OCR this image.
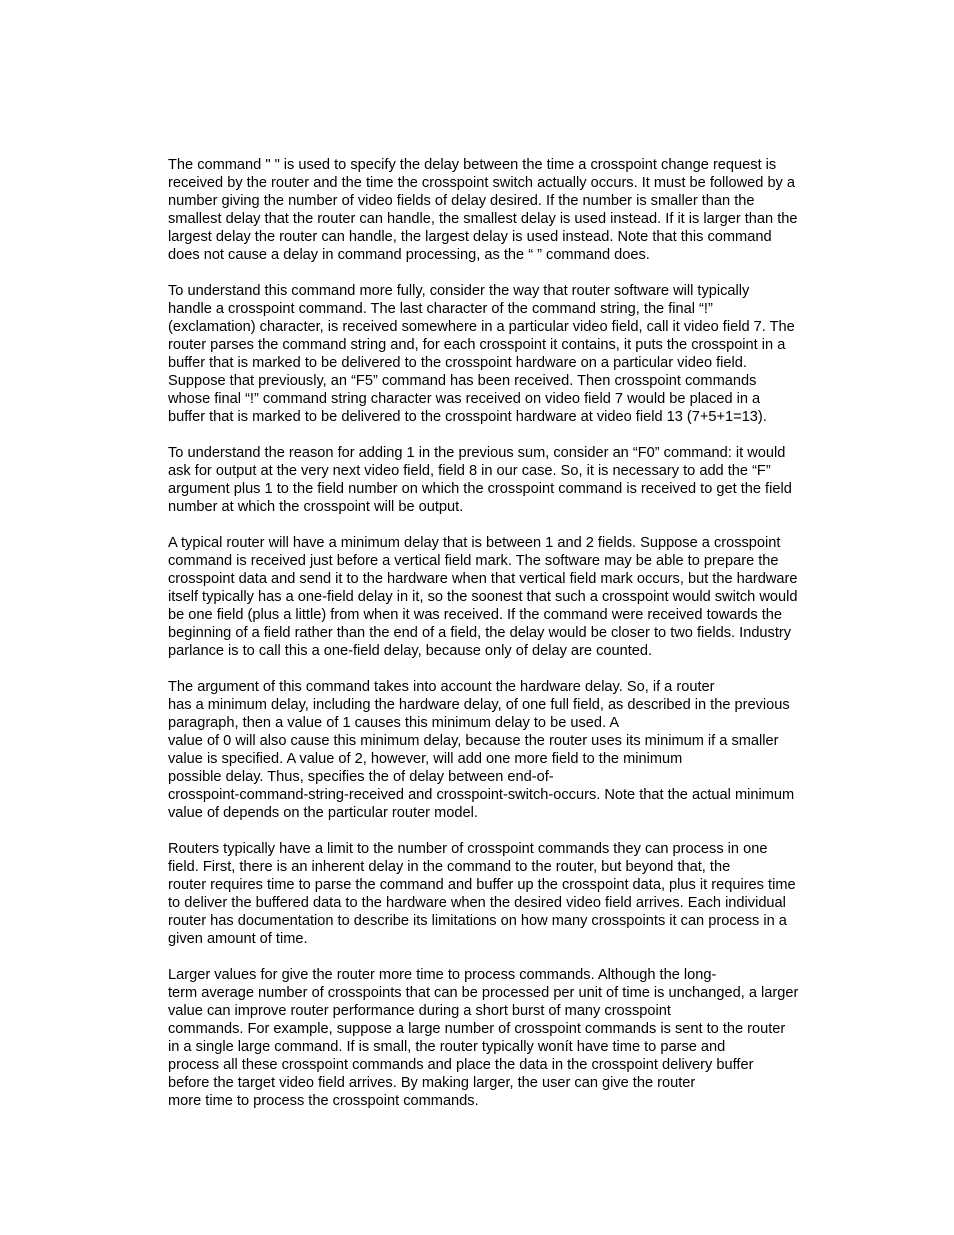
The command " " is used to specify the delay between the time a crosspoint change request is
received by the router and the time the crosspoint switch actually occurs. It must be followed by a
number giving the number of video fields of delay desired. If the number is smaller than the
smallest delay that the router can handle, the smallest delay is used instead. If it is larger than the
largest delay the router can handle, the largest delay is used instead. Note that this command
does not cause a delay in command processing, as the “ ” command does.

To understand this command more fully, consider the way that router software will typically
handle a crosspoint command. The last character of the command string, the final “!”
(exclamation) character, is received somewhere in a particular video field, call it video field 7. The
router parses the command string and, for each crosspoint it contains, it puts the crosspoint in a
buffer that is marked to be delivered to the crosspoint hardware on a particular video field.
Suppose that previously, an “F5” command has been received. Then crosspoint commands
whose final “!” command string character was received on video field 7 would be placed in a
buffer that is marked to be delivered to the crosspoint hardware at video field 13 (7+5+1=13).

To understand the reason for adding 1 in the previous sum, consider an “F0” command: it would
ask for output at the very next video field, field 8 in our case. So, it is necessary to add the “F”
argument plus 1 to the field number on which the crosspoint command is received to get the field
number at which the crosspoint will be output.

A typical router will have a minimum delay that is between 1 and 2 fields. Suppose a crosspoint
command is received just before a vertical field mark. The software may be able to prepare the
crosspoint data and send it to the hardware when that vertical field mark occurs, but the hardware
itself typically has a one-field delay in it, so the soonest that such a crosspoint would switch would
be one field (plus a little) from when it was received. If the command were received towards the
beginning of a field rather than the end of a field, the delay would be closer to two fields. Industry
parlance is to call this a one-field delay, because only of delay are counted.

The argument of this command takes into account the hardware delay. So, if a router
has a minimum delay, including the hardware delay, of one full field, as described in the previous
paragraph, then a value of 1 causes this minimum delay to be used. A
value of 0 will also cause this minimum delay, because the router uses its minimum if a smaller
value is specified. A value of 2, however, will add one more field to the minimum
possible delay. Thus, specifies the of delay between end-of-
crosspoint-command-string-received and crosspoint-switch-occurs. Note that the actual minimum
value of depends on the particular router model.

Routers typically have a limit to the number of crosspoint commands they can process in one
field. First, there is an inherent delay in the command to the router, but beyond that, the
router requires time to parse the command and buffer up the crosspoint data, plus it requires time
to deliver the buffered data to the hardware when the desired video field arrives. Each individual
router has documentation to describe its limitations on how many crosspoints it can process in a
given amount of time.

Larger values for give the router more time to process commands. Although the long-
term average number of crosspoints that can be processed per unit of time is unchanged, a larger
value can improve router performance during a short burst of many crosspoint
commands. For example, suppose a large number of crosspoint commands is sent to the router
in a single large command. If is small, the router typically wonít have time to parse and
process all these crosspoint commands and place the data in the crosspoint delivery buffer
before the target video field arrives. By making larger, the user can give the router
more time to process the crosspoint commands.
